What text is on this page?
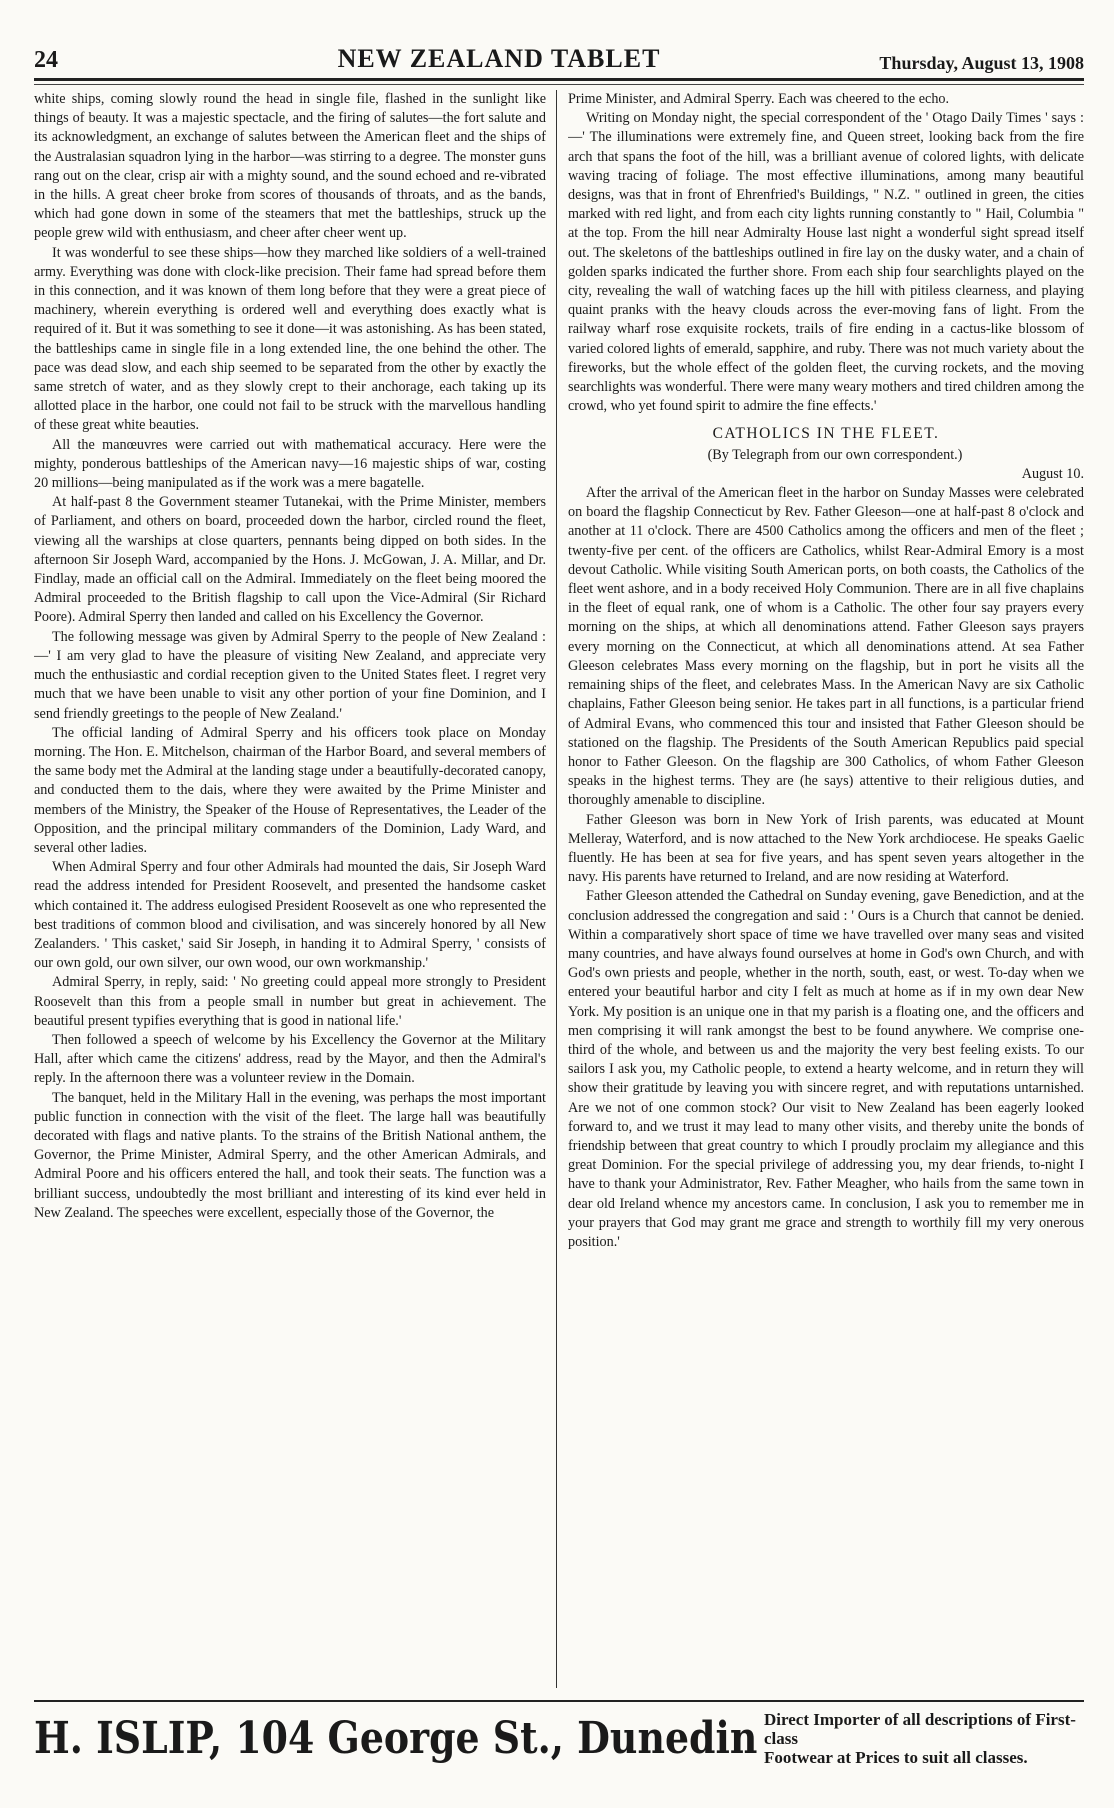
24	NEW ZEALAND TABLET	Thursday, August 13, 1908

white ships, coming slowly round the head in single file, flashed in the sunlight like things of beauty. It was a majestic spectacle, and the firing of salutes—the fort salute and its acknowledgment, an exchange of salutes between the American fleet and the ships of the Australasian squadron lying in the harbor—was stirring to a degree. The monster guns rang out on the clear, crisp air with a mighty sound, and the sound echoed and re-vibrated in the hills. A great cheer broke from scores of thousands of throats, and as the bands, which had gone down in some of the steamers that met the battleships, struck up the people grew wild with enthusiasm, and cheer after cheer went up.

It was wonderful to see these ships—how they marched like soldiers of a well-trained army. Everything was done with clock-like precision. Their fame had spread before them in this connection, and it was known of them long before that they were a great piece of machinery, wherein everything is ordered well and everything does exactly what is required of it. But it was something to see it done—it was astonishing. As has been stated, the battleships came in single file in a long extended line, the one behind the other. The pace was dead slow, and each ship seemed to be separated from the other by exactly the same stretch of water, and as they slowly crept to their anchorage, each taking up its allotted place in the harbor, one could not fail to be struck with the marvellous handling of these great white beauties.

All the manœuvres were carried out with mathematical accuracy. Here were the mighty, ponderous battleships of the American navy—16 majestic ships of war, costing 20 millions—being manipulated as if the work was a mere bagatelle.

At half-past 8 the Government steamer Tutanekai, with the Prime Minister, members of Parliament, and others on board, proceeded down the harbor, circled round the fleet, viewing all the warships at close quarters, pennants being dipped on both sides. In the afternoon Sir Joseph Ward, accompanied by the Hons. J. McGowan, J. A. Millar, and Dr. Findlay, made an official call on the Admiral. Immediately on the fleet being moored the Admiral proceeded to the British flagship to call upon the Vice-Admiral (Sir Richard Poore). Admiral Sperry then landed and called on his Excellency the Governor.

The following message was given by Admiral Sperry to the people of New Zealand :—' I am very glad to have the pleasure of visiting New Zealand, and appreciate very much the enthusiastic and cordial reception given to the United States fleet. I regret very much that we have been unable to visit any other portion of your fine Dominion, and I send friendly greetings to the people of New Zealand.'

The official landing of Admiral Sperry and his officers took place on Monday morning. The Hon. E. Mitchelson, chairman of the Harbor Board, and several members of the same body met the Admiral at the landing stage under a beautifully-decorated canopy, and conducted them to the dais, where they were awaited by the Prime Minister and members of the Ministry, the Speaker of the House of Representatives, the Leader of the Opposition, and the principal military commanders of the Dominion, Lady Ward, and several other ladies.

When Admiral Sperry and four other Admirals had mounted the dais, Sir Joseph Ward read the address intended for President Roosevelt, and presented the handsome casket which contained it. The address eulogised President Roosevelt as one who represented the best traditions of common blood and civilisation, and was sincerely honored by all New Zealanders. ' This casket,' said Sir Joseph, in handing it to Admiral Sperry, ' consists of our own gold, our own silver, our own wood, our own workmanship.'

Admiral Sperry, in reply, said: ' No greeting could appeal more strongly to President Roosevelt than this from a people small in number but great in achievement. The beautiful present typifies everything that is good in national life.'

Then followed a speech of welcome by his Excellency the Governor at the Military Hall, after which came the citizens' address, read by the Mayor, and then the Admiral's reply. In the afternoon there was a volunteer review in the Domain.

The banquet, held in the Military Hall in the evening, was perhaps the most important public function in connection with the visit of the fleet. The large hall was beautifully decorated with flags and native plants. To the strains of the British National anthem, the Governor, the Prime Minister, Admiral Sperry, and the other American Admirals, and Admiral Poore and his officers entered the hall, and took their seats. The function was a brilliant success, undoubtedly the most brilliant and interesting of its kind ever held in New Zealand. The speeches were excellent, especially those of the Governor, the

Prime Minister, and Admiral Sperry. Each was cheered to the echo.

Writing on Monday night, the special correspondent of the ' Otago Daily Times ' says :—' The illuminations were extremely fine, and Queen street, looking back from the fire arch that spans the foot of the hill, was a brilliant avenue of colored lights, with delicate waving tracing of foliage. The most effective illuminations, among many beautiful designs, was that in front of Ehrenfried's Buildings, " N.Z. " outlined in green, the cities marked with red light, and from each city lights running constantly to " Hail, Columbia " at the top. From the hill near Admiralty House last night a wonderful sight spread itself out. The skeletons of the battleships outlined in fire lay on the dusky water, and a chain of golden sparks indicated the further shore. From each ship four searchlights played on the city, revealing the wall of watching faces up the hill with pitiless clearness, and playing quaint pranks with the heavy clouds across the ever-moving fans of light. From the railway wharf rose exquisite rockets, trails of fire ending in a cactus-like blossom of varied colored lights of emerald, sapphire, and ruby. There was not much variety about the fireworks, but the whole effect of the golden fleet, the curving rockets, and the moving searchlights was wonderful. There were many weary mothers and tired children among the crowd, who yet found spirit to admire the fine effects.'

CATHOLICS IN THE FLEET.

(By Telegraph from our own correspondent.)

August 10.

After the arrival of the American fleet in the harbor on Sunday Masses were celebrated on board the flagship Connecticut by Rev. Father Gleeson—one at half-past 8 o'clock and another at 11 o'clock. There are 4500 Catholics among the officers and men of the fleet ; twenty-five per cent. of the officers are Catholics, whilst Rear-Admiral Emory is a most devout Catholic. While visiting South American ports, on both coasts, the Catholics of the fleet went ashore, and in a body received Holy Communion. There are in all five chaplains in the fleet of equal rank, one of whom is a Catholic. The other four say prayers every morning on the ships, at which all denominations attend. Father Gleeson says prayers every morning on the Connecticut, at which all denominations attend. At sea Father Gleeson celebrates Mass every morning on the flagship, but in port he visits all the remaining ships of the fleet, and celebrates Mass. In the American Navy are six Catholic chaplains, Father Gleeson being senior. He takes part in all functions, is a particular friend of Admiral Evans, who commenced this tour and insisted that Father Gleeson should be stationed on the flagship. The Presidents of the South American Republics paid special honor to Father Gleeson. On the flagship are 300 Catholics, of whom Father Gleeson speaks in the highest terms. They are (he says) attentive to their religious duties, and thoroughly amenable to discipline.

Father Gleeson was born in New York of Irish parents, was educated at Mount Melleray, Waterford, and is now attached to the New York archdiocese. He speaks Gaelic fluently. He has been at sea for five years, and has spent seven years altogether in the navy. His parents have returned to Ireland, and are now residing at Waterford.

Father Gleeson attended the Cathedral on Sunday evening, gave Benediction, and at the conclusion addressed the congregation and said : ' Ours is a Church that cannot be denied. Within a comparatively short space of time we have travelled over many seas and visited many countries, and have always found ourselves at home in God's own Church, and with God's own priests and people, whether in the north, south, east, or west. To-day when we entered your beautiful harbor and city I felt as much at home as if in my own dear New York. My position is an unique one in that my parish is a floating one, and the officers and men comprising it will rank amongst the best to be found anywhere. We comprise one-third of the whole, and between us and the majority the very best feeling exists. To our sailors I ask you, my Catholic people, to extend a hearty welcome, and in return they will show their gratitude by leaving you with sincere regret, and with reputations untarnished. Are we not of one common stock? Our visit to New Zealand has been eagerly looked forward to, and we trust it may lead to many other visits, and thereby unite the bonds of friendship between that great country to which I proudly proclaim my allegiance and this great Dominion. For the special privilege of addressing you, my dear friends, to-night I have to thank your Administrator, Rev. Father Meagher, who hails from the same town in dear old Ireland whence my ancestors came. In conclusion, I ask you to remember me in your prayers that God may grant me grace and strength to worthily fill my very onerous position.'

H. ISLIP, 104 George St., Dunedin Direct Importer of all descriptions of First-class
Footwear at Prices to suit all classes.
